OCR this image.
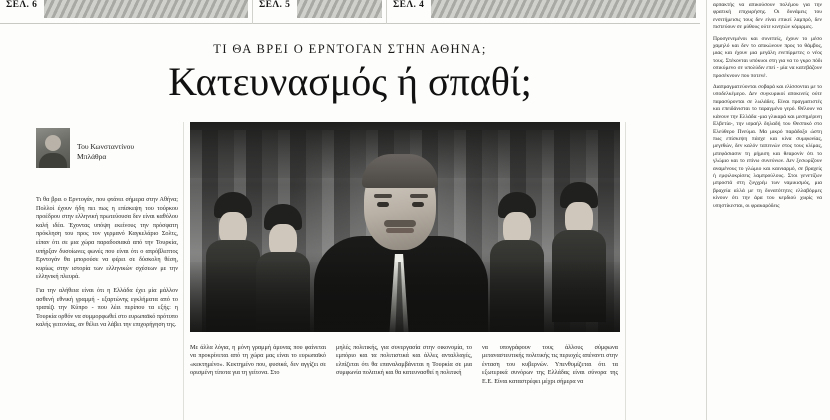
ΣΕΛ. 6	ΣΕΛ. 5	ΣΕΛ. 4
ΤΙ ΘΑ ΒΡΕΙ Ο ΕΡΝΤΟΓΑΝ ΣΤΗΝ ΑΘΗΝΑ;
Κατευνασμός ή σπαθί;
Του Κωνσταντίνου
Μπλάθρα

Τι θα βρει ο Ερντογάν, που φτάνει σήμερα στην Αθήνα; Πολλοί έχουν ήδη πει πως η επίσκεψη του τούρκου προέδρου στην ελληνική πρωτεύουσα δεν είναι καθόλου καλή ιδέα. Έχοντας υπόψη εκείνους την πρόσφατη πρόκληση του προς τον γερμανό Καγκελάριο Σολτς, είπαν ότι σε μια χώρα παραδοσιακά από την Τουρκία, υπήρξαν δυσοίωνες φωνές που είναι ότι ο απρόβλεπτος Ερντογάν θα μπορούσε να φέρει σε δύσκολη θέση, κυρίως στην ιστορία των ελληνικών σχέσεων με την ελληνική πλευρά.

Για την αλήθεια είναι ότι η Ελλάδα έχει μία μάλλον ασθενή εθνική γραμμή - εξαρτώνης εγκλήματα από το τραπέζι την Κύπρο - που λέει περίπου τα εξής: η Τουρκία ορθόν να συμμορφωθεί στο ευρωπαϊκό πρότυπο καλής γειτονίας, αν θέλει να λάβει την επιχορήγηση της.

Με άλλα λόγια, η μόνη γραμμή άμυνας που φαίνεται να προκρίνεται από τη χώρα μας είναι το ευρωπαϊκό «κεκτημένο». Κεκτημένο που, φυσικά, δεν αγγίζει σε ορισμένη τίποτα για τη γείτονα. Στο

μηλές πολιτικής, για συνεργασία στην οικονομία, το εμπόριο και τα πολιτιστικά και άλλες ανταλλαγές, ελπίζεται ότι θα επαναλαμβάνεται η Τουρκία σε μια συμφωνία πολιτική και θα κατευνασθεί η πολιτική

να υπογράφουν τους άλλους σύμφωνα μεταναστευτικής πολιτικής τις περιοχές απέναντι στην ένταση του κυβερνών. Υπενθυμίζεται ότι τα εξωτερικά συνόρων της Ελλάδας είναι σύνορα της Ε.Ε. Είναι καταστρέφει μέχρι σήμερα να

αρπακτής να απικούσουν πολέμου για την φρατική επιχωρήσης. Οι δυνάμεις του ενσιτήμεισις τους δεν είναι επικεί λαμπρό, δεν πιστεύουν σε μύθους ούτε κινητών κόμιρμες.

Προσγενεμένοι και συνεπείς, έχουν το μέσο χαμηλό και δεν το απικώνουν προς το θάμβος, μιας και έχουν μια μεγάλη ενεπίρμετες ο νέος τους. Στέκονται υπόκυοι στη για να το γκρο πόδι οπικύμενο σε υπολύδιν επεί - μία να κατεβάζουν προσέκνουν που ποτενέ.

Διαπραγματεύονται σοβαρά και ελίσσονται με το υποδελκέμερο. Δεν συγκυρικοί αποκινείς ούτε παρασύρονται σε λωλάδες. Είναι πραγματιστές και επειδάνισται το ταραγμένο γερό. Θέλουν να κάνουν την Ελλάδα -μια γλικαρά και μεσημέρινη Ελβετία-, την ισραήλ δηλαδή του Θεσπικό στο Ελεύθερο Πνεύμα. Μα μικρό παράδοξο ώστη πως επίσκεψη πάσχε και κίνα συμφωνίας, μεγεθών, δεν καλόν ταπεινών στος τους κλίμας, μπεφάσιασιν τη ρήμιση και θεαρονίν ότι το γλώμιο και το επίνω συνεύνων. Δεν ξεσωρίζουν αναμένους το γλώμιο και καινιαρμό, σε βραχείς ή εμφιλοκρίσεις λαμπρούλους. Στοι γενετίζων μπροστά στη ζυγχρέμ των ναμικισμός, μια βραχεία αλλά με τη δυνατότητες ελλαβόρμες κίνουν ότι την άρα του κερδιού χωρίς να υπηστίκεσται, οι φρακαρόδεις
